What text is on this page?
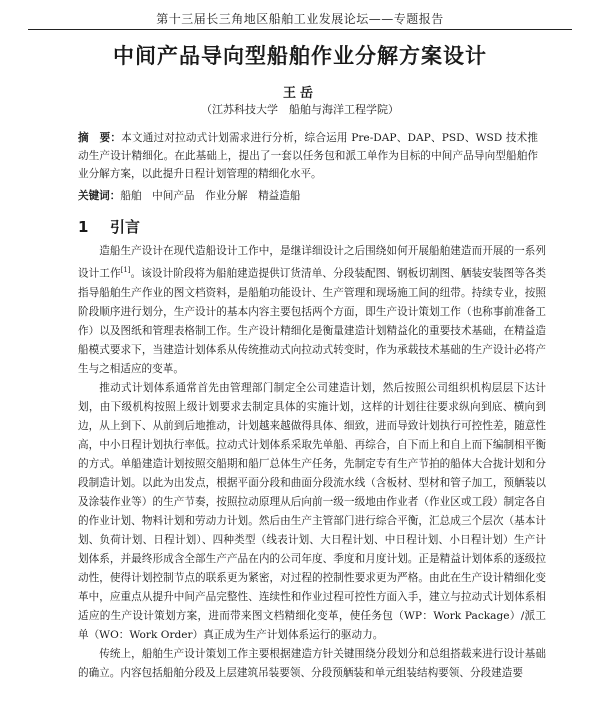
第十三届长三角地区船舶工业发展论坛——专题报告
中间产品导向型船舶作业分解方案设计
王岳
（江苏科技大学　船舶与海洋工程学院）
摘　要：本文通过对拉动式计划需求进行分析，综合运用 Pre-DAP、DAP、PSD、WSD 技术推动生产设计精细化。在此基础上，提出了一套以任务包和派工单作为目标的中间产品导向型船舶作业分解方案，以此提升日程计划管理的精细化水平。
关键词：船舶　中间产品　作业分解　精益造船
1 引言

造船生产设计在现代造船设计工作中，是继详细设计之后围绕如何开展船舶建造而开展的一系列设计工作[1]。该设计阶段将为船舶建造提供订货清单、分段装配图、钢板切割图、舾装安装图等各类指导船舶生产作业的图文档资料，是船舶功能设计、生产管理和现场施工间的纽带。持续专业，按照阶段顺序进行划分，生产设计的基本内容主要包括两个方面，即生产设计策划工作（也称事前准备工作）以及图纸和管理表格制工作。生产设计精细化是衡量建造计划精益化的重要技术基础，在精益造船模式要求下，当建造计划体系从传统推动式向拉动式转变时，作为承载技术基础的生产设计必将产生与之相适应的变革。

推动式计划体系通常首先由管理部门制定全公司建造计划，然后按照公司组织机构层层下达计划，由下级机构按照上级计划要求去制定具体的实施计划，这样的计划往往要求纵向到底、横向到边，从上到下、从前到后地推动，计划越来越做得具体、细致，进而导致计划执行可控性差，随意性高，中小日程计划执行率低。拉动式计划体系采取先单船、再综合，自下而上和自上而下编制相平衡的方式。单船建造计划按照交船期和船厂总体生产任务，先制定专有生产节拍的船体大合拢计划和分段制造计划。以此为出发点，根据平面分段和曲面分段流水线（含板材、型材和管子加工，预舾装以及涂装作业等）的生产节奏，按照拉动原理从后向前一级一级地由作业者（作业区或工段）制定各自的作业计划、物料计划和劳动力计划。然后由生产主管部门进行综合平衡，汇总成三个层次（基本计划、负荷计划、日程计划）、四种类型（线表计划、大日程计划、中日程计划、小日程计划）生产计划体系，并最终形成含全部生产产品在内的公司年度、季度和月度计划。正是精益计划体系的逐级拉动性，使得计划控制节点的联系更为紧密，对过程的控制性要求更为严格。由此在生产设计精细化变革中，应重点从提升中间产品完整性、连续性和作业过程可控性方面入手，建立与拉动式计划体系相适应的生产设计策划方案，进而带来图文档精细化变革，使任务包（WP：Work Package）/派工单（WO：Work Order）真正成为生产计划体系运行的驱动力。

传统上，船舶生产设计策划工作主要根据建造方针关键围绕分段划分和总组搭载来进行设计基础的确立。内容包括船舶分段及上层建筑吊装要领、分段预舾装和单元组装结构要领、分段建造要
